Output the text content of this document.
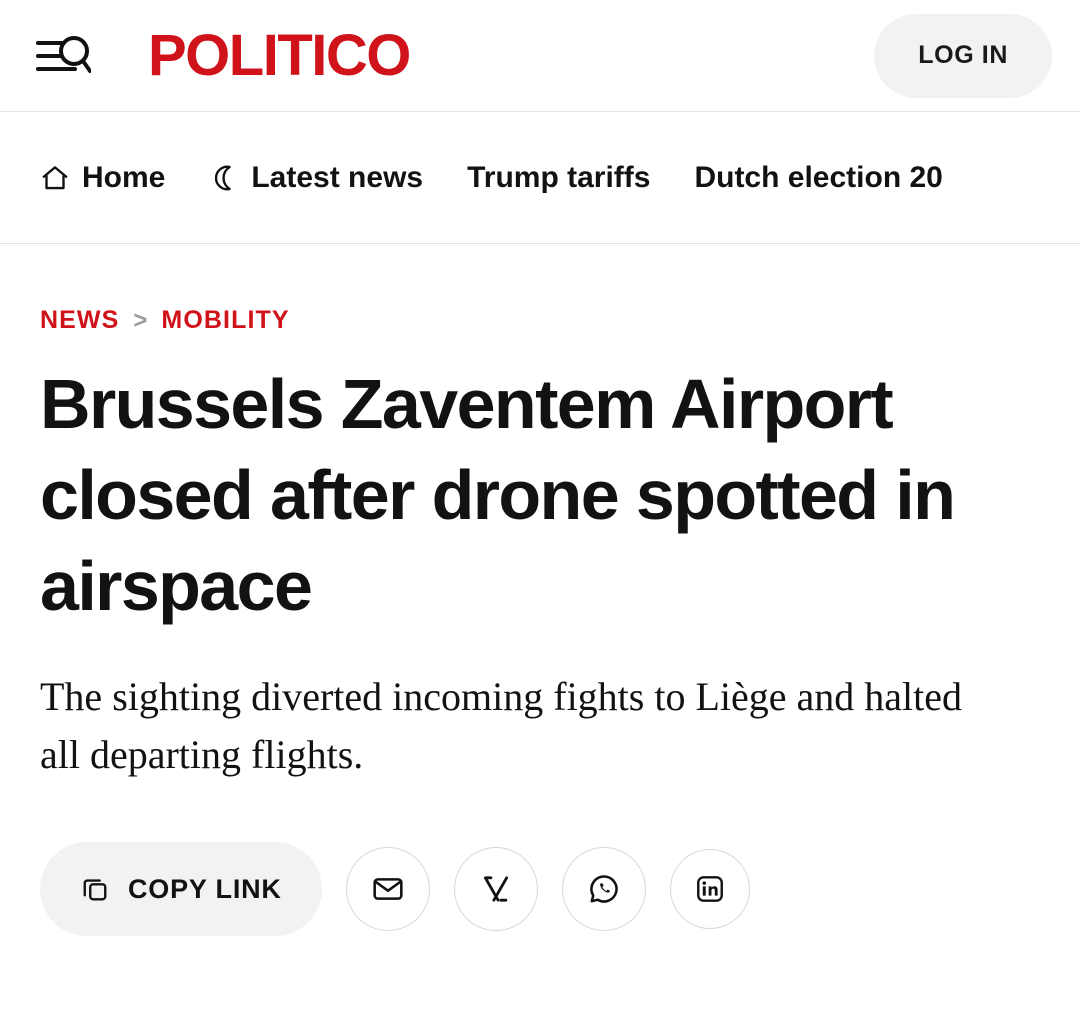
POLITICO	LOG IN
Home	Latest news Trump tariffs Dutch election 20
NEWS > MOBILITY
Brussels Zaventem Airport closed after drone spotted in airspace

The sighting diverted incoming fights to Liège and halted all departing flights.

COPY LINK
